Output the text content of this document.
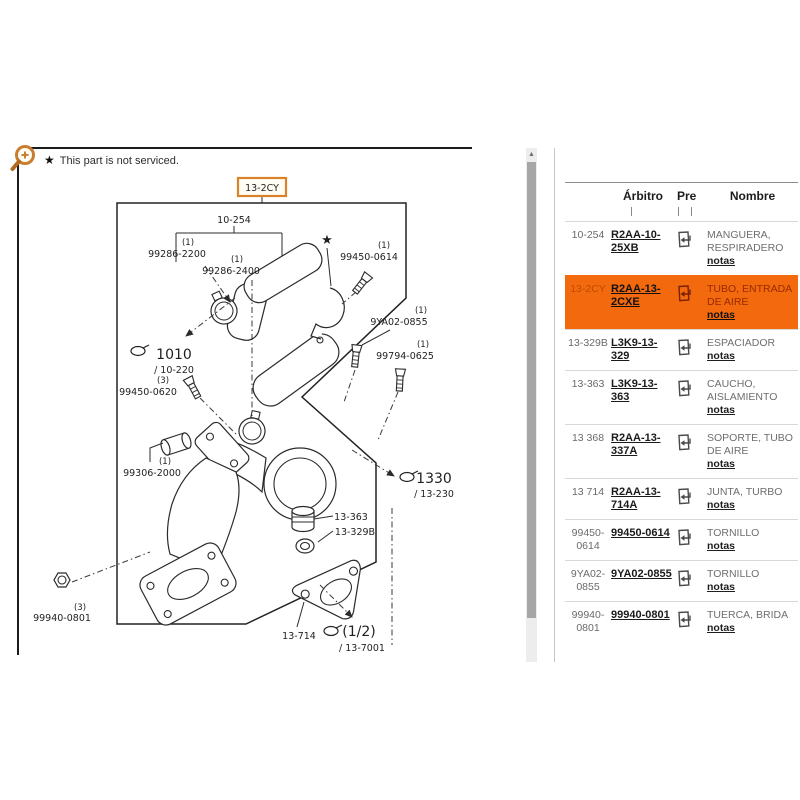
★ This part is not serviced.
13-2CY
10-254
(1)
99286-2200	(1)
99286-2400
★	(1)
99450-0614
(1)
9YA02-0855
(1)
99794-0625
1010
/ 10-220
(3)
99450-0620
(1)
99306-2000	1330
/ 13-230
13-363
13-329B
(3)
99940-0801
13-714 (1/2)
/ 13-7001
▲
Árbitro	Pre	Nombre
10-254 R2AA-10-25XB
MANGUERA, RESPIRADERO
notas
13-2CY R2AA-13-2CXE
TUBO, ENTRADA DE AIRE
notas
13-329B L3K9-13-329
ESPACIADOR
notas
13-363 L3K9-13-363
CAUCHO, AISLAMIENTO
notas
13 368 R2AA-13-337A
SOPORTE, TUBO DE AIRE
notas
13 714 R2AA-13-714A
JUNTA, TURBO
notas
99450-0614
99450-0614	TORNILLO
notas
9YA02-0855
9YA02-0855	TORNILLO
notas
99940-0801
99940-0801	TUERCA, BRIDA
notas
